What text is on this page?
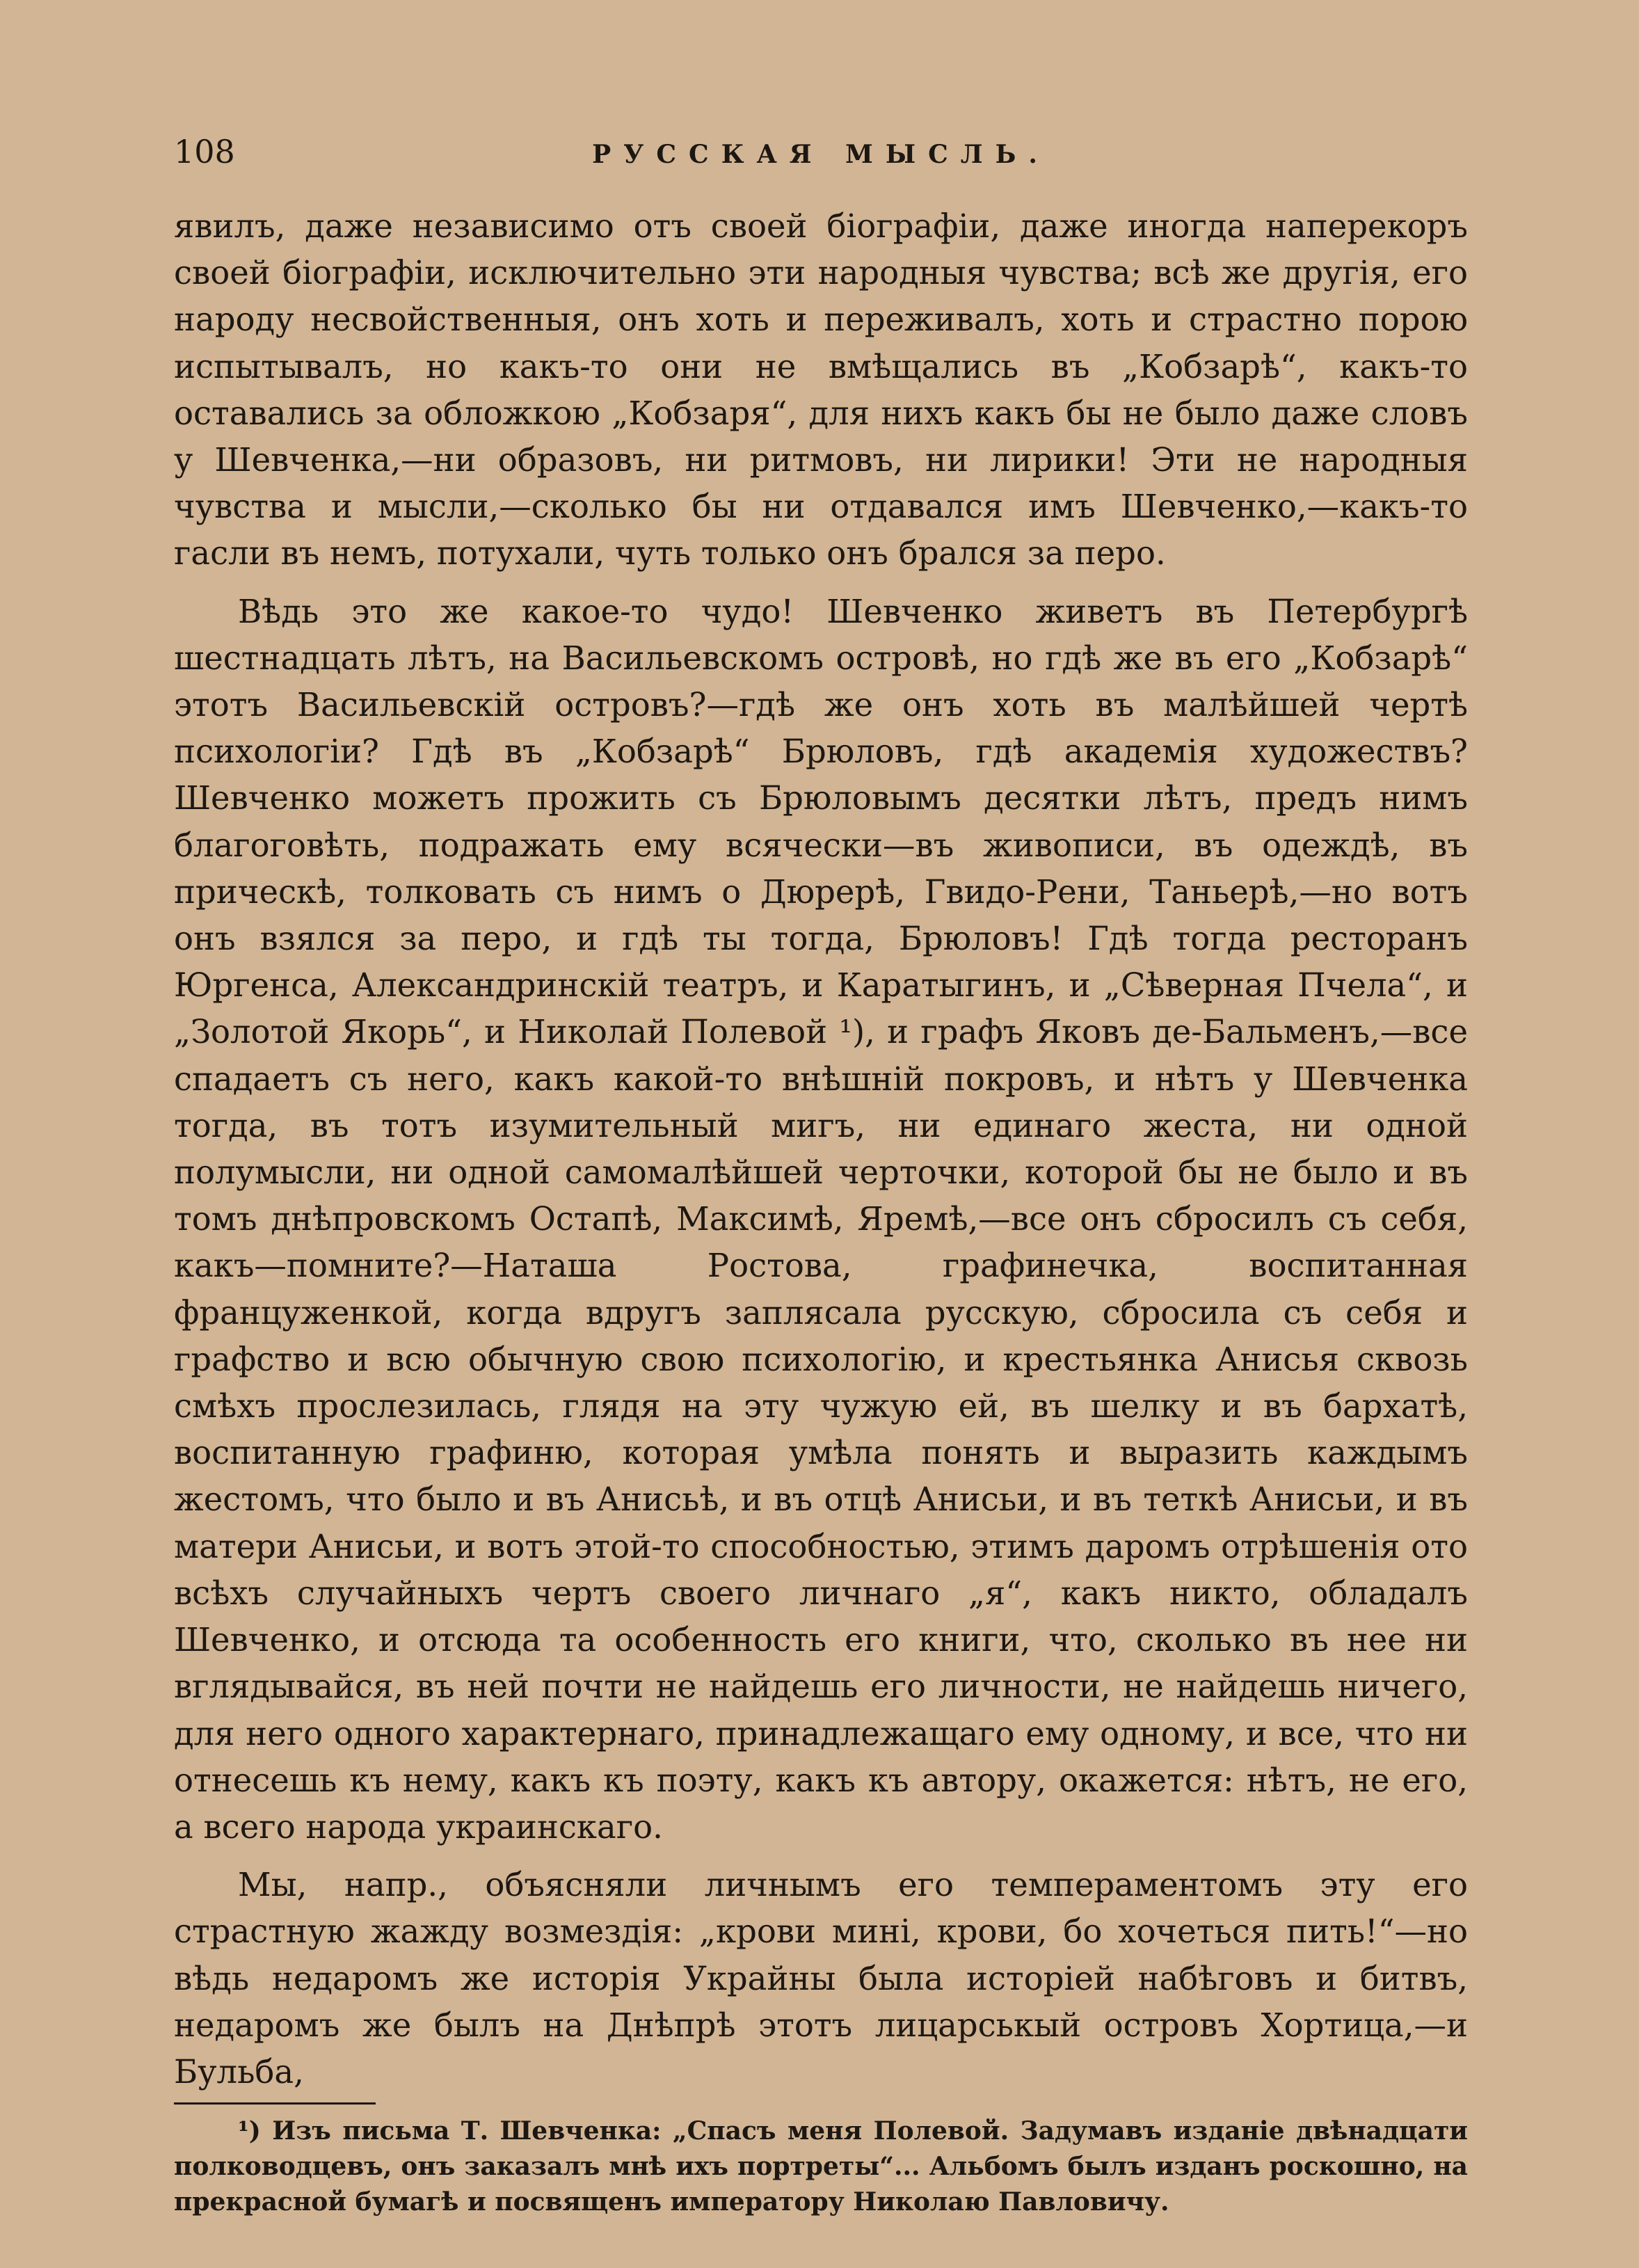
108	РУССКАЯ МЫСЛЬ.

явилъ, даже независимо отъ своей біографіи, даже иногда наперекоръ своей біографіи, исключительно эти народныя чувства; всѣ же другія, его народу несвойственныя, онъ хоть и переживалъ, хоть и страстно порою испытывалъ, но какъ-то они не вмѣщались въ „Кобзарѣ“, какъ-то оставались за обложкою „Кобзаря“, для нихъ какъ бы не было даже словъ у Шевченка,—ни образовъ, ни ритмовъ, ни лирики! Эти не народныя чувства и мысли,—сколько бы ни отдавался имъ Шевченко,—какъ-то гасли въ немъ, потухали, чуть только онъ брался за перо.

Вѣдь это же какое-то чудо! Шевченко живетъ въ Петербургѣ шестнадцать лѣтъ, на Васильевскомъ островѣ, но гдѣ же въ его „Кобзарѣ“ этотъ Васильевскій островъ?—гдѣ же онъ хоть въ малѣйшей чертѣ психологіи? Гдѣ въ „Кобзарѣ“ Брюловъ, гдѣ академія художествъ? Шевченко можетъ прожить съ Брюловымъ десятки лѣтъ, предъ нимъ благоговѣть, подражать ему всячески—въ живописи, въ одеждѣ, въ прическѣ, толковать съ нимъ о Дюрерѣ, Гвидо-Рени, Таньерѣ,—но вотъ онъ взялся за перо, и гдѣ ты тогда, Брюловъ! Гдѣ тогда ресторанъ Юргенса, Александринскій театръ, и Каратыгинъ, и „Сѣверная Пчела“, и „Золотой Якорь“, и Николай Полевой ¹), и графъ Яковъ де-Бальменъ,—все спадаетъ съ него, какъ какой-то внѣшній покровъ, и нѣтъ у Шевченка тогда, въ тотъ изумительный мигъ, ни единаго жеста, ни одной полумысли, ни одной самомалѣйшей черточки, которой бы не было и въ томъ днѣпровскомъ Остапѣ, Максимѣ, Яремѣ,—все онъ сбросилъ съ себя, какъ—помните?—Наташа Ростова, графинечка, воспитанная француженкой, когда вдругъ заплясала русскую, сбросила съ себя и графство и всю обычную свою психологію, и крестьянка Анисья сквозь смѣхъ прослезилась, глядя на эту чужую ей, въ шелку и въ бархатѣ, воспитанную графиню, которая умѣла понять и выразить каждымъ жестомъ, что было и въ Анисьѣ, и въ отцѣ Анисьи, и въ теткѣ Анисьи, и въ матери Анисьи, и вотъ этой-то способностью, этимъ даромъ отрѣшенія ото всѣхъ случайныхъ чертъ своего личнаго „я“, какъ никто, обладалъ Шевченко, и отсюда та особенность его книги, что, сколько въ нее ни вглядывайся, въ ней почти не найдешь его личности, не найдешь ничего, для него одного характернаго, принадлежащаго ему одному, и все, что ни отнесешь къ нему, какъ къ поэту, какъ къ автору, окажется: нѣтъ, не его, а всего народа украинскаго.

Мы, напр., объясняли личнымъ его темпераментомъ эту его страстную жажду возмездія: „крови мині, крови, бо хочеться пить!“—но вѣдь недаромъ же исторія Украйны была исторіей набѣговъ и битвъ, недаромъ же былъ на Днѣпрѣ этотъ лицарськый островъ Хортица,—и Бульба,

¹) Изъ письма Т. Шевченка: „Спасъ меня Полевой. Задумавъ изданіе двѣнадцати полководцевъ, онъ заказалъ мнѣ ихъ портреты“... Альбомъ былъ изданъ роскошно, на прекрасной бумагѣ и посвященъ императору Николаю Павловичу.
